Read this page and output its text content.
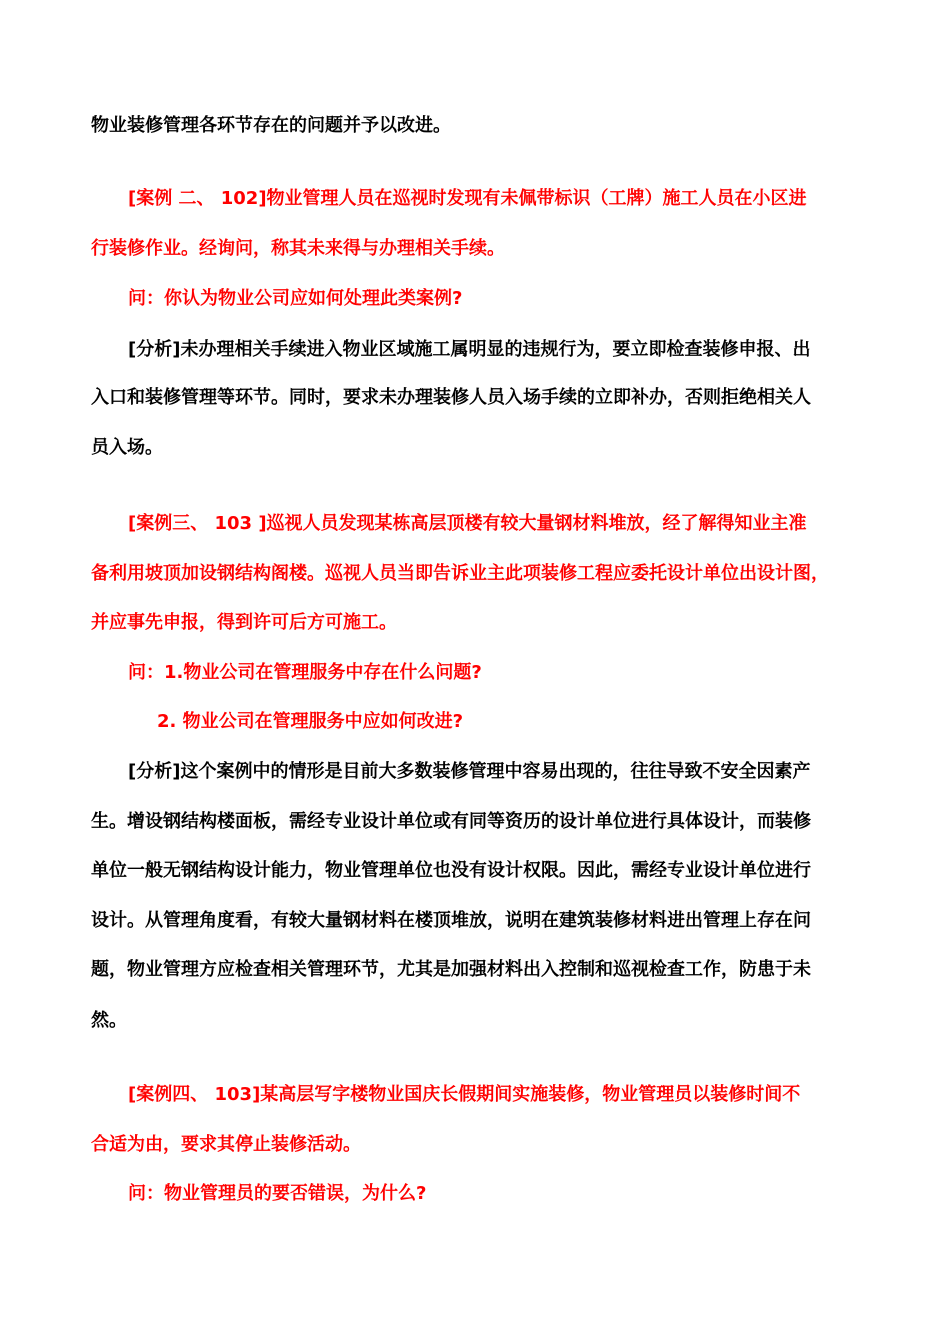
物业装修管理各环节存在的问题并予以改进。
[案例 二、 102]物业管理人员在巡视时发现有未佩带标识（工牌）施工人员在小区进
行装修作业。经询问，称其未来得与办理相关手续。
问：你认为物业公司应如何处理此类案例?
[分析]未办理相关手续进入物业区域施工属明显的违规行为，要立即检查装修申报、出
入口和装修管理等环节。同时，要求未办理装修人员入场手续的立即补办，否则拒绝相关人
员入场。
[案例三、 103 ]巡视人员发现某栋高层顶楼有较大量钢材料堆放，经了解得知业主准
备利用坡顶加设钢结构阁楼。巡视人员当即告诉业主此项装修工程应委托设计单位出设计图，
并应事先申报，得到许可后方可施工。
问：1.物业公司在管理服务中存在什么问题?
2. 物业公司在管理服务中应如何改进?
[分析]这个案例中的情形是目前大多数装修管理中容易出现的，往往导致不安全因素产
生。增设钢结构楼面板，需经专业设计单位或有同等资历的设计单位进行具体设计，而装修
单位一般无钢结构设计能力，物业管理单位也没有设计权限。因此，需经专业设计单位进行
设计。从管理角度看，有较大量钢材料在楼顶堆放，说明在建筑装修材料进出管理上存在问
题，物业管理方应检查相关管理环节，尤其是加强材料出入控制和巡视检查工作，防患于未
然。
[案例四、 103]某高层写字楼物业国庆长假期间实施装修，物业管理员以装修时间不
合适为由，要求其停止装修活动。
问：物业管理员的要否错误，为什么?
